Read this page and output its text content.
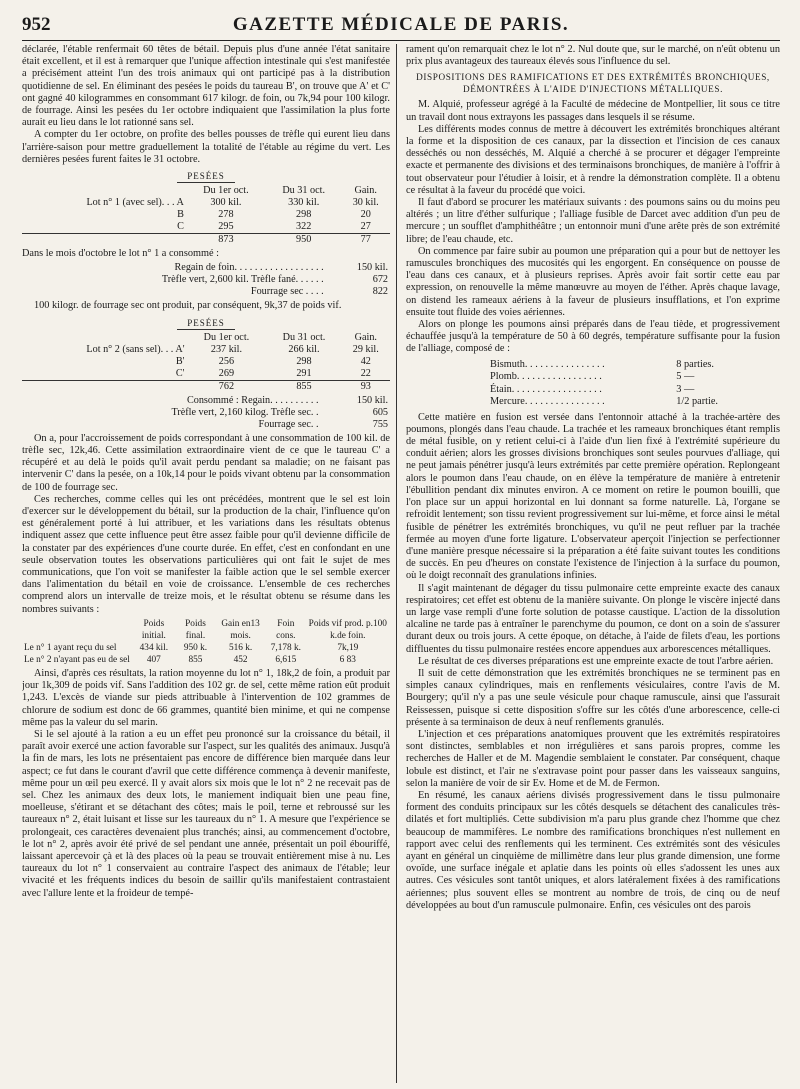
952	GAZETTE MÉDICALE DE PARIS.

déclarée, l'étable renfermait 60 têtes de bétail. Depuis plus d'une année l'état sanitaire était excellent, et il est à remarquer que l'unique affection intestinale qui s'est manifestée a précisément atteint l'un des trois animaux qui ont participé pas à la distribution quotidienne de sel. En éliminant des pesées le poids du taureau B', on trouve que A' et C' ont gagné 40 kilogrammes en consommant 617 kilogr. de foin, ou 7k,94 pour 100 kilogr. de fourrage. Ainsi les pesées du 1er octobre indiquaient que l'assimilation la plus forte aurait eu lieu dans le lot rationné sans sel.

A compter du 1er octobre, on profite des belles pousses de trèfle qui eurent lieu dans l'arrière-saison pour mettre graduellement la totalité de l'étable au régime du vert. Les dernières pesées furent faites le 31 octobre.

PESÉES
	Du 1er oct.	Du 31 oct.	Gain.
Lot n° 1 (avec sel). . . A	300 kil.	330 kil.	30 kil.
B	278	298	20
C	295	322	27
	873	950	77

Dans le mois d'octobre le lot n° 1 a consommé :

Regain de foin. . . . . . . . . . . . . . . . . .	150 kil.
Trèfle vert, 2,600 kil. Trèfle fané. . . . . .	672
Fourrage sec . . . .	822

100 kilogr. de fourrage sec ont produit, par conséquent, 9k,37 de poids vif.

PESÉES
	Du 1er oct.	Du 31 oct.	Gain.
Lot n° 2 (sans sel). . . A'	237 kil.	266 kil.	29 kil.
B'	256	298	42
C'	269	291	22
	762	855	93
Consommé : Regain. . . . . . . . . .	150 kil.
Trèfle vert, 2,160 kilog. Trèfle sec. .	605
Fourrage sec. .	755

On a, pour l'accroissement de poids correspondant à une consommation de 100 kil. de trèfle sec, 12k,46. Cette assimilation extraordinaire vient de ce que le taureau C' a récupéré et au delà le poids qu'il avait perdu pendant sa maladie; on ne faisant pas intervenir C' dans la pesée, on a 10k,14 pour le poids vivant obtenu par la consommation de 100 de fourrage sec.

Ces recherches, comme celles qui les ont précédées, montrent que le sel est loin d'exercer sur le développement du bétail, sur la production de la chair, l'influence qu'on est généralement porté à lui attribuer, et les variations dans les résultats obtenus indiquent assez que cette influence peut être assez faible pour qu'il devienne difficile de la constater par des expériences d'une courte durée. En effet, c'est en confondant en une seule observation toutes les observations particulières qui ont fait le sujet de mes communications, que l'on voit se manifester la faible action que le sel semble exercer dans l'alimentation du bétail en voie de croissance. L'ensemble de ces recherches comprend alors un intervalle de treize mois, et le résultat obtenu se résume dans les nombres suivants :

	Poids initial.	Poids final.	Gain en13 mois.	Foin cons.	Poids vif prod. p.100 k.de foin.
Le n° 1 ayant reçu du sel	434 kil.	950 k.	516 k.	7,178 k.	7k,19
Le n° 2 n'ayant pas eu de sel	407	855	452	6,615	6 83

Ainsi, d'après ces résultats, la ration moyenne du lot n° 1, 18k,2 de foin, a produit par jour 1k,309 de poids vif. Sans l'addition des 102 gr. de sel, cette même ration eût produit 1,243. L'excès de viande sur pieds attribuable à l'intervention de 102 grammes de chlorure de sodium est donc de 66 grammes, quantité bien minime, et qui ne compense même pas la valeur du sel marin.

Si le sel ajouté à la ration a eu un effet peu prononcé sur la croissance du bétail, il paraît avoir exercé une action favorable sur l'aspect, sur les qualités des animaux. Jusqu'à la fin de mars, les lots ne présentaient pas encore de différence bien marquée dans leur aspect; ce fut dans le courant d'avril que cette différence commença à devenir manifeste, même pour un œil peu exercé. Il y avait alors six mois que le lot n° 2 ne recevait pas de sel. Chez les animaux des deux lots, le maniement indiquait bien une peau fine, moelleuse, s'étirant et se détachant des côtes; mais le poil, terne et rebroussé sur les taureaux n° 2, était luisant et lisse sur les taureaux du n° 1. A mesure que l'expérience se prolongeait, ces caractères devenaient plus tranchés; ainsi, au commencement d'octobre, le lot n° 2, après avoir été privé de sel pendant une année, présentait un poil ébouriffé, laissant apercevoir çà et là des places où la peau se trouvait entièrement mise à nu. Les taureaux du lot n° 1 conservaient au contraire l'aspect des animaux de l'étable; leur vivacité et les fréquents indices du besoin de saillir qu'ils manifestaient contrastaient avec l'allure lente et la froideur de tempé-

rament qu'on remarquait chez le lot n° 2. Nul doute que, sur le marché, on n'eût obtenu un prix plus avantageux des taureaux élevés sous l'influence du sel.

DISPOSITIONS DES RAMIFICATIONS ET DES EXTRÉMITÉS BRONCHIQUES, DÉMONTRÉES À L'AIDE D'INJECTIONS MÉTALLIQUES.

M. Alquié, professeur agrégé à la Faculté de médecine de Montpellier, lit sous ce titre un travail dont nous extrayons les passages dans lesquels il se résume.

Les différents modes connus de mettre à découvert les extrémités bronchiques altérant la forme et la disposition de ces canaux, par la dissection et l'incision de ces canaux desséchés ou non desséchés, M. Alquié a cherché à se procurer et dégager l'empreinte exacte et permanente des divisions et des terminaisons bronchiques, de manière à l'offrir à tout observateur pour l'étudier à loisir, et à rendre la démonstration complète. Il a obtenu ce résultat à la faveur du procédé que voici.

Il faut d'abord se procurer les matériaux suivants : des poumons sains ou du moins peu altérés ; un litre d'éther sulfurique ; l'alliage fusible de Darcet avec addition d'un peu de mercure ; un soufflet d'amphithéâtre ; un entonnoir muni d'une arête près de son extrémité libre; de l'eau chaude, etc.

On commence par faire subir au poumon une préparation qui a pour but de nettoyer les ramuscules bronchiques des mucosités qui les engorgent. En conséquence on pousse de l'eau dans ces canaux, et à plusieurs reprises. Après avoir fait sortir cette eau par expression, on renouvelle la même manœuvre au moyen de l'éther. Après chaque lavage, on distend les rameaux aériens à la faveur de plusieurs insufflations, et l'on exprime ensuite tout fluide des voies aériennes.

Alors on plonge les poumons ainsi préparés dans de l'eau tiède, et progressivement échauffée jusqu'à la température de 50 à 60 degrés, température suffisante pour la fusion de l'alliage, composé de :

Bismuth. . . . . . . . . . . . . . . .	8 parties.
Plomb. . . . . . . . . . . . . . . . .	5 —
Étain. . . . . . . . . . . . . . . . . .	3 —
Mercure. . . . . . . . . . . . . . . .	1/2 partie.

Cette matière en fusion est versée dans l'entonnoir attaché à la trachée-artère des poumons, plongés dans l'eau chaude. La trachée et les rameaux bronchiques étant remplis de métal fusible, on y retient celui-ci à l'aide d'un lien fixé à l'extrémité supérieure du conduit aérien; alors les grosses divisions bronchiques sont seules pourvues d'alliage, qui ne peut jamais pénétrer jusqu'à leurs extrémités par cette première opération. Replongeant alors le poumon dans l'eau chaude, on en élève la température de manière à entretenir l'ébullition pendant dix minutes environ. A ce moment on retire le poumon bouilli, que l'on place sur un appui horizontal en lui donnant sa forme naturelle. Là, l'organe se refroidit lentement; son tissu revient progressivement sur lui-même, et force ainsi le métal fusible de pénétrer les extrémités bronchiques, vu qu'il ne peut refluer par la trachée fermée au moyen d'une forte ligature. L'observateur aperçoit l'injection se perfectionner d'une manière presque nécessaire si la préparation a été faite suivant toutes les conditions de succès. En peu d'heures on constate l'existence de l'injection à la surface du poumon, où le doigt reconnaît des granulations infinies.

Il s'agit maintenant de dégager du tissu pulmonaire cette empreinte exacte des canaux respiratoires; cet effet est obtenu de la manière suivante. On plonge le viscère injecté dans un large vase rempli d'une forte solution de potasse caustique. L'action de la dissolution alcaline ne tarde pas à entraîner le parenchyme du poumon, ce dont on a soin de s'assurer durant deux ou trois jours. A cette époque, on détache, à l'aide de filets d'eau, les portions diffluentes du tissu pulmonaire restées encore appendues aux arborescences métalliques.

Le résultat de ces diverses préparations est une empreinte exacte de tout l'arbre aérien.

Il suit de cette démonstration que les extrémités bronchiques ne se terminent pas en simples canaux cylindriques, mais en renflements vésiculaires, contre l'avis de M. Bourgery; qu'il n'y a pas une seule vésicule pour chaque ramuscule, ainsi que l'assurait Reissessen, puisque si cette disposition s'offre sur les côtés d'une arborescence, celle-ci présente à sa terminaison de deux à neuf renflements granulés.

L'injection et ces préparations anatomiques prouvent que les extrémités respiratoires sont distinctes, semblables et non irrégulières et sans parois propres, comme les recherches de Haller et de M. Magendie semblaient le constater. Par conséquent, chaque lobule est distinct, et l'air ne s'extravase point pour passer dans les vaisseaux sanguins, selon la manière de voir de sir Ev. Home et de M. de Fermon.

En résumé, les canaux aériens divisés progressivement dans le tissu pulmonaire forment des conduits principaux sur les côtés desquels se détachent des canalicules très-dilatés et fort multipliés. Cette subdivision m'a paru plus grande chez l'homme que chez beaucoup de mammifères. Le nombre des ramifications bronchiques n'est nullement en rapport avec celui des renflements qui les terminent. Ces extrémités sont des vésicules ayant en général un cinquième de millimètre dans leur plus grande dimension, une forme ovoïde, une surface inégale et aplatie dans les points où elles s'adossent les unes aux autres. Ces vésicules sont tantôt uniques, et alors latéralement fixées à des ramifications aériennes; plus souvent elles se montrent au nombre de trois, de cinq ou de neuf développées au bout d'un ramuscule pulmonaire. Enfin, ces vésicules ont des parois
